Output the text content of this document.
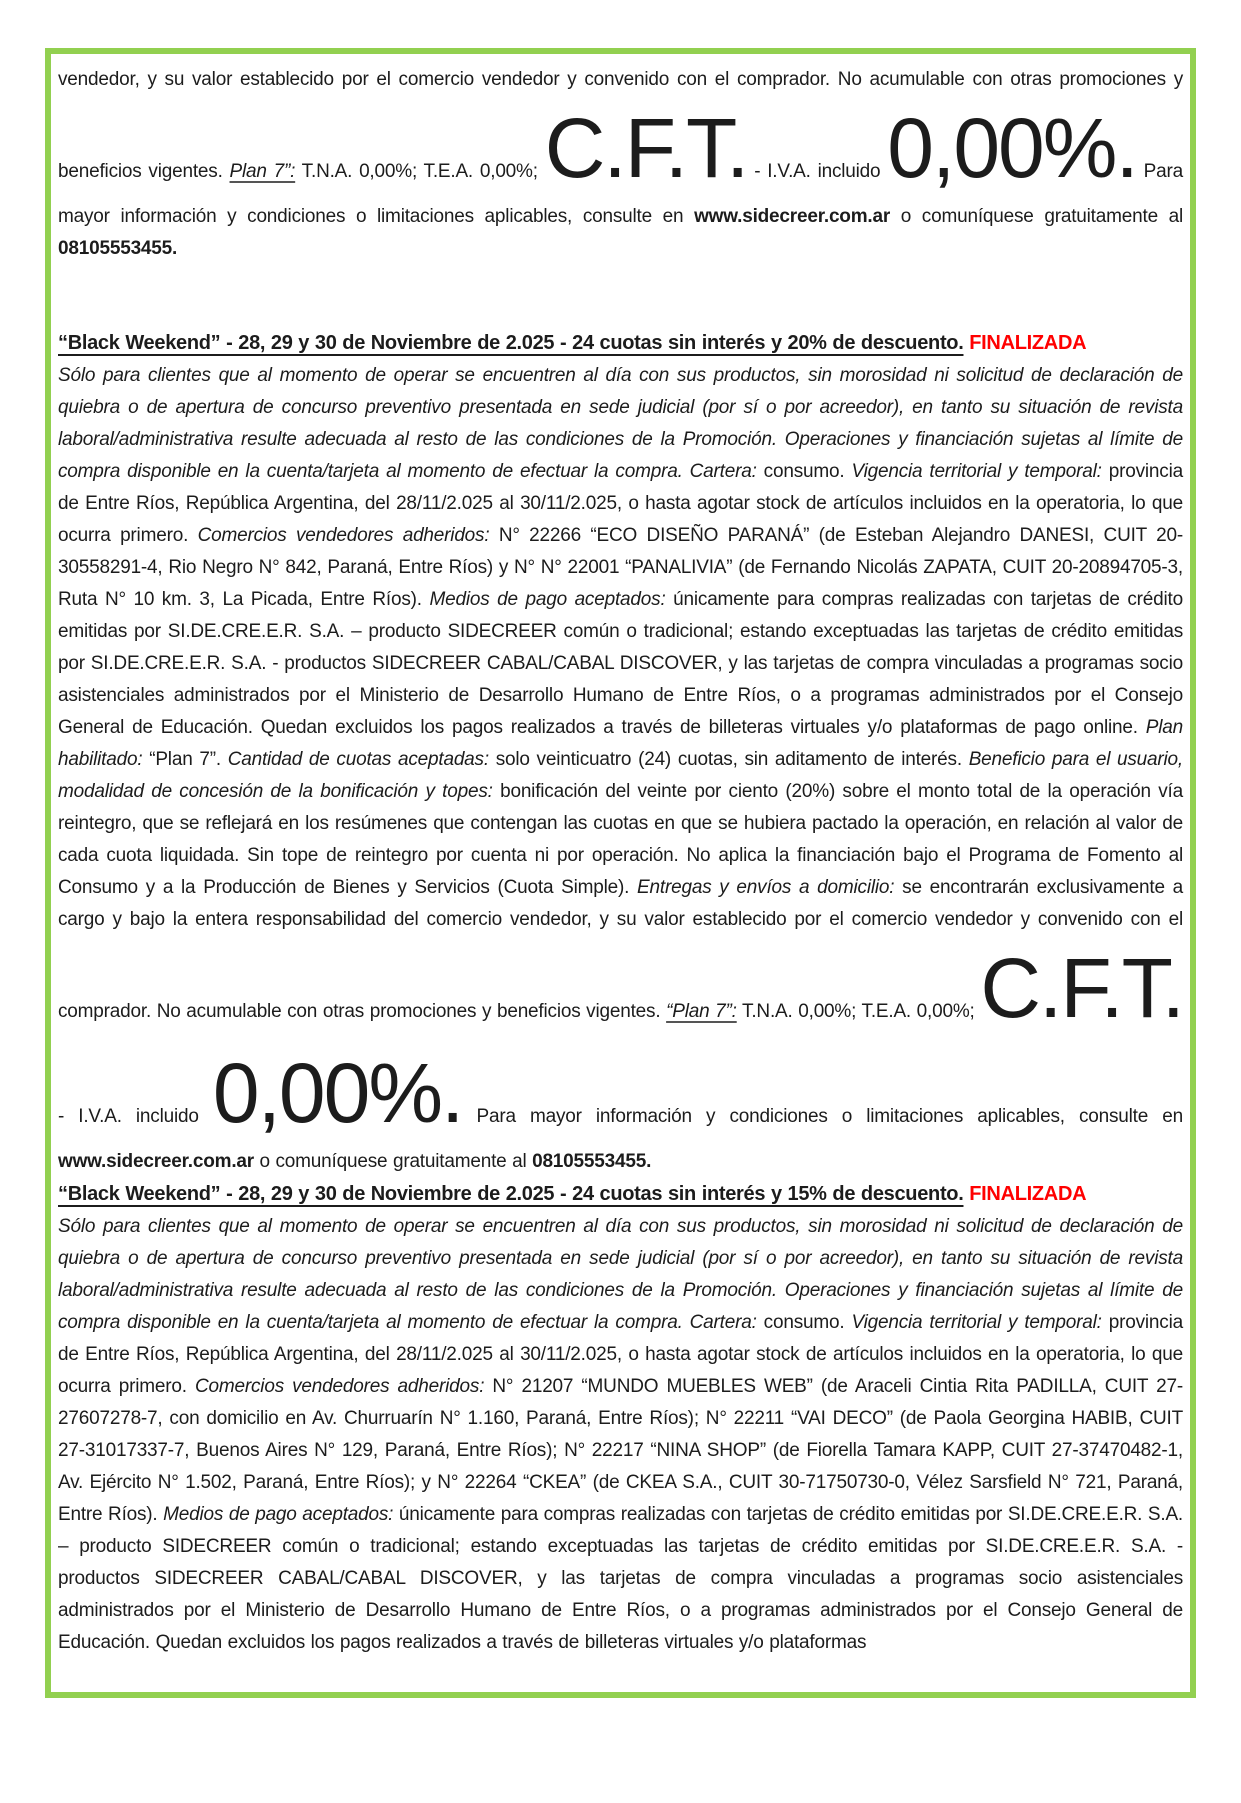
vendedor, y su valor establecido por el comercio vendedor y convenido con el comprador. No acumulable con otras promociones y beneficios vigentes. Plan 7”: T.N.A. 0,00%; T.E.A. 0,00%; C.F.T. - I.V.A. incluido 0,00%. Para mayor información y condiciones o limitaciones aplicables, consulte en www.sidecreer.com.ar o comuníquese gratuitamente al 08105553455.

“Black Weekend” - 28, 29 y 30 de Noviembre de 2.025 - 24 cuotas sin interés y 20% de descuento. FINALIZADA

Sólo para clientes que al momento de operar se encuentren al día con sus productos, sin morosidad ni solicitud de declaración de quiebra o de apertura de concurso preventivo presentada en sede judicial (por sí o por acreedor), en tanto su situación de revista laboral/administrativa resulte adecuada al resto de las condiciones de la Promoción. Operaciones y financiación sujetas al límite de compra disponible en la cuenta/tarjeta al momento de efectuar la compra. Cartera: consumo. Vigencia territorial y temporal: provincia de Entre Ríos, República Argentina, del 28/11/2.025 al 30/11/2.025, o hasta agotar stock de artículos incluidos en la operatoria, lo que ocurra primero. Comercios vendedores adheridos: N° 22266 “ECO DISEÑO PARANÁ” (de Esteban Alejandro DANESI, CUIT 20-30558291-4, Rio Negro N° 842, Paraná, Entre Ríos) y N° N° 22001 “PANALIVIA” (de Fernando Nicolás ZAPATA, CUIT 20-20894705-3, Ruta N° 10 km. 3, La Picada, Entre Ríos). Medios de pago aceptados: únicamente para compras realizadas con tarjetas de crédito emitidas por SI.DE.CRE.E.R. S.A. – producto SIDECREER común o tradicional; estando exceptuadas las tarjetas de crédito emitidas por SI.DE.CRE.E.R. S.A. - productos SIDECREER CABAL/CABAL DISCOVER, y las tarjetas de compra vinculadas a programas socio asistenciales administrados por el Ministerio de Desarrollo Humano de Entre Ríos, o a programas administrados por el Consejo General de Educación. Quedan excluidos los pagos realizados a través de billeteras virtuales y/o plataformas de pago online. Plan habilitado: “Plan 7”. Cantidad de cuotas aceptadas: solo veinticuatro (24) cuotas, sin aditamento de interés. Beneficio para el usuario, modalidad de concesión de la bonificación y topes: bonificación del veinte por ciento (20%) sobre el monto total de la operación vía reintegro, que se reflejará en los resúmenes que contengan las cuotas en que se hubiera pactado la operación, en relación al valor de cada cuota liquidada. Sin tope de reintegro por cuenta ni por operación. No aplica la financiación bajo el Programa de Fomento al Consumo y a la Producción de Bienes y Servicios (Cuota Simple). Entregas y envíos a domicilio: se encontrarán exclusivamente a cargo y bajo la entera responsabilidad del comercio vendedor, y su valor establecido por el comercio vendedor y convenido con el comprador. No acumulable con otras promociones y beneficios vigentes. “Plan 7”: T.N.A. 0,00%; T.E.A. 0,00%; C.F.T. - I.V.A. incluido 0,00%. Para mayor información y condiciones o limitaciones aplicables, consulte en www.sidecreer.com.ar o comuníquese gratuitamente al 08105553455.

“Black Weekend” - 28, 29 y 30 de Noviembre de 2.025 - 24 cuotas sin interés y 15% de descuento. FINALIZADA

Sólo para clientes que al momento de operar se encuentren al día con sus productos, sin morosidad ni solicitud de declaración de quiebra o de apertura de concurso preventivo presentada en sede judicial (por sí o por acreedor), en tanto su situación de revista laboral/administrativa resulte adecuada al resto de las condiciones de la Promoción. Operaciones y financiación sujetas al límite de compra disponible en la cuenta/tarjeta al momento de efectuar la compra. Cartera: consumo. Vigencia territorial y temporal: provincia de Entre Ríos, República Argentina, del 28/11/2.025 al 30/11/2.025, o hasta agotar stock de artículos incluidos en la operatoria, lo que ocurra primero. Comercios vendedores adheridos: N° 21207 “MUNDO MUEBLES WEB” (de Araceli Cintia Rita PADILLA, CUIT 27-27607278-7, con domicilio en Av. Churruarín N° 1.160, Paraná, Entre Ríos); N° 22211 “VAI DECO” (de Paola Georgina HABIB, CUIT 27-31017337-7, Buenos Aires N° 129, Paraná, Entre Ríos); N° 22217 “NINA SHOP” (de Fiorella Tamara KAPP, CUIT 27-37470482-1, Av. Ejército N° 1.502, Paraná, Entre Ríos); y N° 22264 “CKEA” (de CKEA S.A., CUIT 30-71750730-0, Vélez Sarsfield N° 721, Paraná, Entre Ríos). Medios de pago aceptados: únicamente para compras realizadas con tarjetas de crédito emitidas por SI.DE.CRE.E.R. S.A. – producto SIDECREER común o tradicional; estando exceptuadas las tarjetas de crédito emitidas por SI.DE.CRE.E.R. S.A. - productos SIDECREER CABAL/CABAL DISCOVER, y las tarjetas de compra vinculadas a programas socio asistenciales administrados por el Ministerio de Desarrollo Humano de Entre Ríos, o a programas administrados por el Consejo General de Educación. Quedan excluidos los pagos realizados a través de billeteras virtuales y/o plataformas
